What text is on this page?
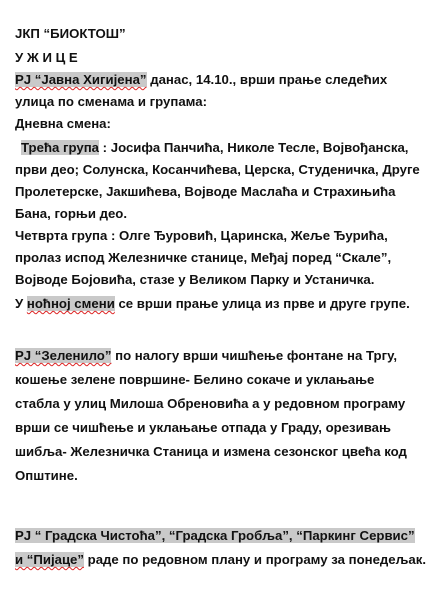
ЈКП “БИОКТОШ”
У Ж И Ц Е
РЈ “Јавна Хигијена” данас, 14.10., врши прање следећих
улица по сменама и групама:
Дневна смена:
Трећа група : Јосифа Панчића, Николе Тесле, Војвођанска,
први део; Солунска, Косанчићева, Церска, Студеничка, Друге
Пролетерске, Јакшићева, Војводе Маслаћа и Страхињића
Бана, горњи део.
Четврта група : Олге Ђуровић, Царинска, Жеље Ђурића,
пролаз испод Железничке станице, Међај поред “Скале”,
Војводе Бојовића, стазе у Великом Парку и Устаничка.
У ноћној смени се врши прање улица из прве и друге групе.
РЈ “Зеленило” по налогу врши чишћење фонтане на Тргу,
кошење зелене површине- Белино сокаче и уклањање
стабла у улиц Милоша Обреновића а у редовном програму
врши се чишћење и уклањање отпада у Граду, орезивањ
шибља- Железничка Станица и измена сезонског цвећа код
Општине.
РЈ “ Градска Чистоћа”, “Градска Гробља”, “Паркинг Сервис”
и “Пијаце” раде по редовном плану и програму за понедељак.
